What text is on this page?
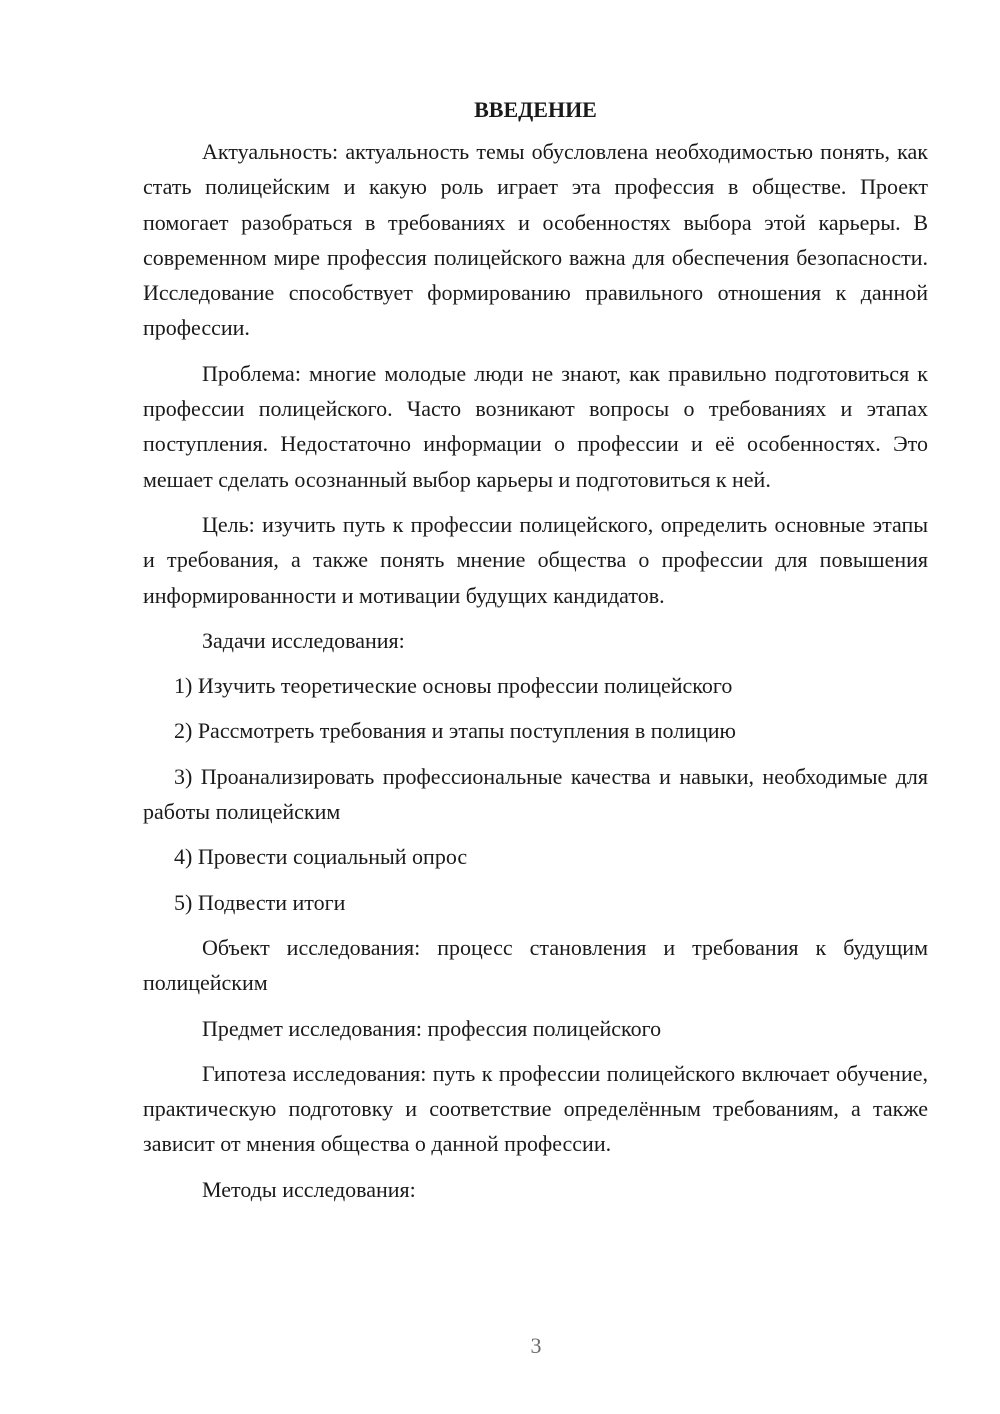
ВВЕДЕНИЕ

Актуальность: актуальность темы обусловлена необходимостью понять, как стать полицейским и какую роль играет эта профессия в обществе. Проект помогает разобраться в требованиях и особенностях выбора этой карьеры. В современном мире профессия полицейского важна для обеспечения безопасности. Исследование способствует формированию правильного отношения к данной профессии.

Проблема: многие молодые люди не знают, как правильно подготовиться к профессии полицейского. Часто возникают вопросы о требованиях и этапах поступления. Недостаточно информации о профессии и её особенностях. Это мешает сделать осознанный выбор карьеры и подготовиться к ней.

Цель: изучить путь к профессии полицейского, определить основные этапы и требования, а также понять мнение общества о профессии для повышения информированности и мотивации будущих кандидатов.

Задачи исследования:

1) Изучить теоретические основы профессии полицейского

2) Рассмотреть требования и этапы поступления в полицию

3) Проанализировать профессиональные качества и навыки, необходимые для работы полицейским

4) Провести социальный опрос

5) Подвести итоги

Объект исследования: процесс становления и требования к будущим полицейским

Предмет исследования: профессия полицейского

Гипотеза исследования: путь к профессии полицейского включает обучение, практическую подготовку и соответствие определённым требованиям, а также зависит от мнения общества о данной профессии.

Методы исследования:

3
